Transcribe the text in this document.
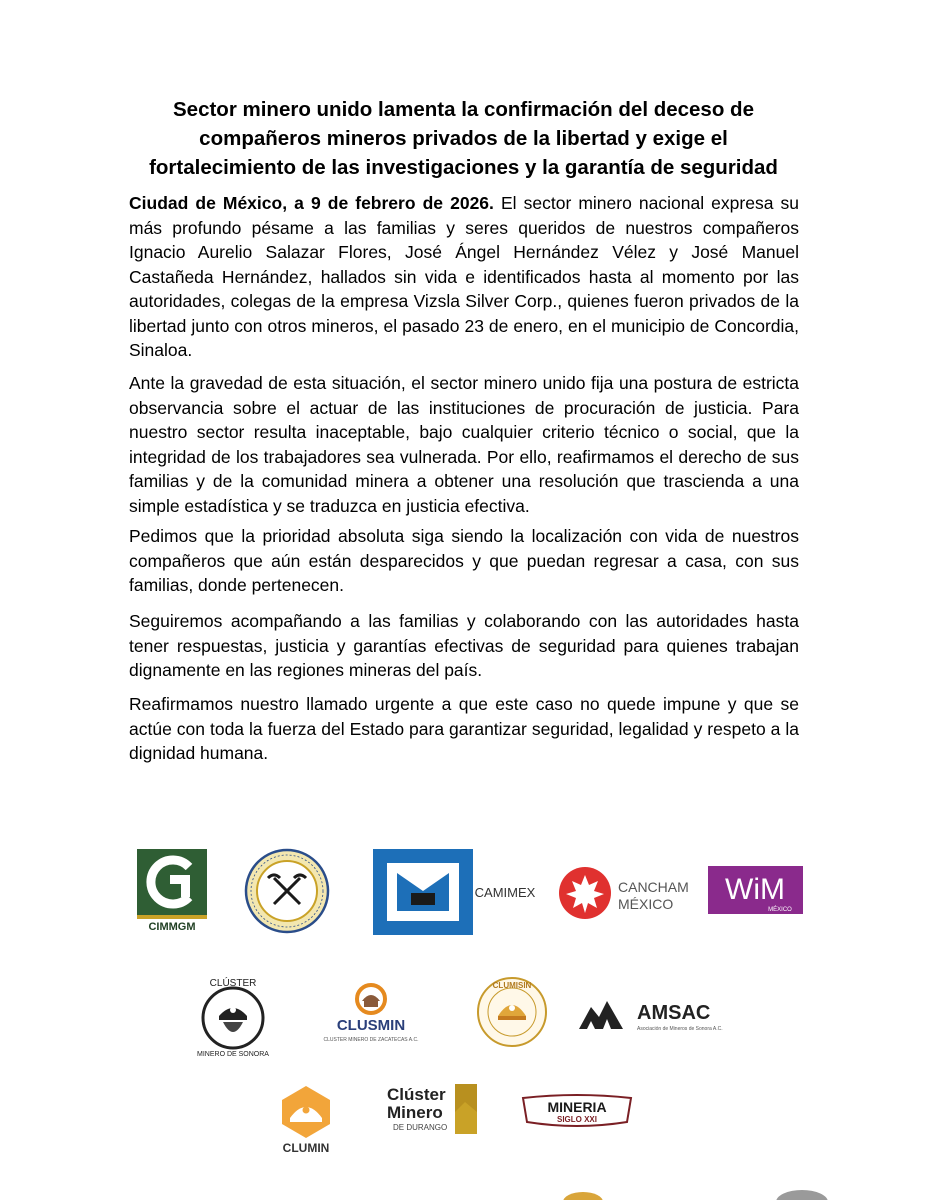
Sector minero unido lamenta la confirmación del deceso de
compañeros mineros privados de la libertad y exige el
fortalecimiento de las investigaciones y la garantía de seguridad

Ciudad de México, a 9 de febrero de 2026. El sector minero nacional expresa su más profundo pésame a las familias y seres queridos de nuestros compañeros Ignacio Aurelio Salazar Flores, José Ángel Hernández Vélez y José Manuel Castañeda Hernández, hallados sin vida e identificados hasta al momento por las autoridades, colegas de la empresa Vizsla Silver Corp., quienes fueron privados de la libertad junto con otros mineros, el pasado 23 de enero, en el municipio de Concordia, Sinaloa.

Ante la gravedad de esta situación, el sector minero unido fija una postura de estricta observancia sobre el actuar de las instituciones de procuración de justicia. Para nuestro sector resulta inaceptable, bajo cualquier criterio técnico o social, que la integridad de los trabajadores sea vulnerada. Por ello, reafirmamos el derecho de sus familias y de la comunidad minera a obtener una resolución que trascienda a una simple estadística y se traduzca en justicia efectiva.

Pedimos que la prioridad absoluta siga siendo la localización con vida de nuestros compañeros que aún están desparecidos y que puedan regresar a casa, con sus familias, donde pertenecen.

Seguiremos acompañando a las familias y colaborando con las autoridades hasta tener respuestas, justicia y garantías efectivas de seguridad para quienes trabajan dignamente en las regiones mineras del país.

Reafirmamos nuestro llamado urgente a que este caso no quede impune y que se actúe con toda la fuerza del Estado para garantizar seguridad, legalidad y respeto a la dignidad humana.

CIMMGM
CAMIMEX	CANCHAM
MÉXICO WiM
MÉXICO
CLÚSTER
MINERO DE SONORA
CLUSMIN
CLUSTER MINERO DE ZACATECAS A.C.
CLUMISIN
AMSAC
Asociación de Mineros de Sonora A.C.
CLUMIN
Clúster
Minero
DE DURANGO
MINERIA
SIGLO XXI
